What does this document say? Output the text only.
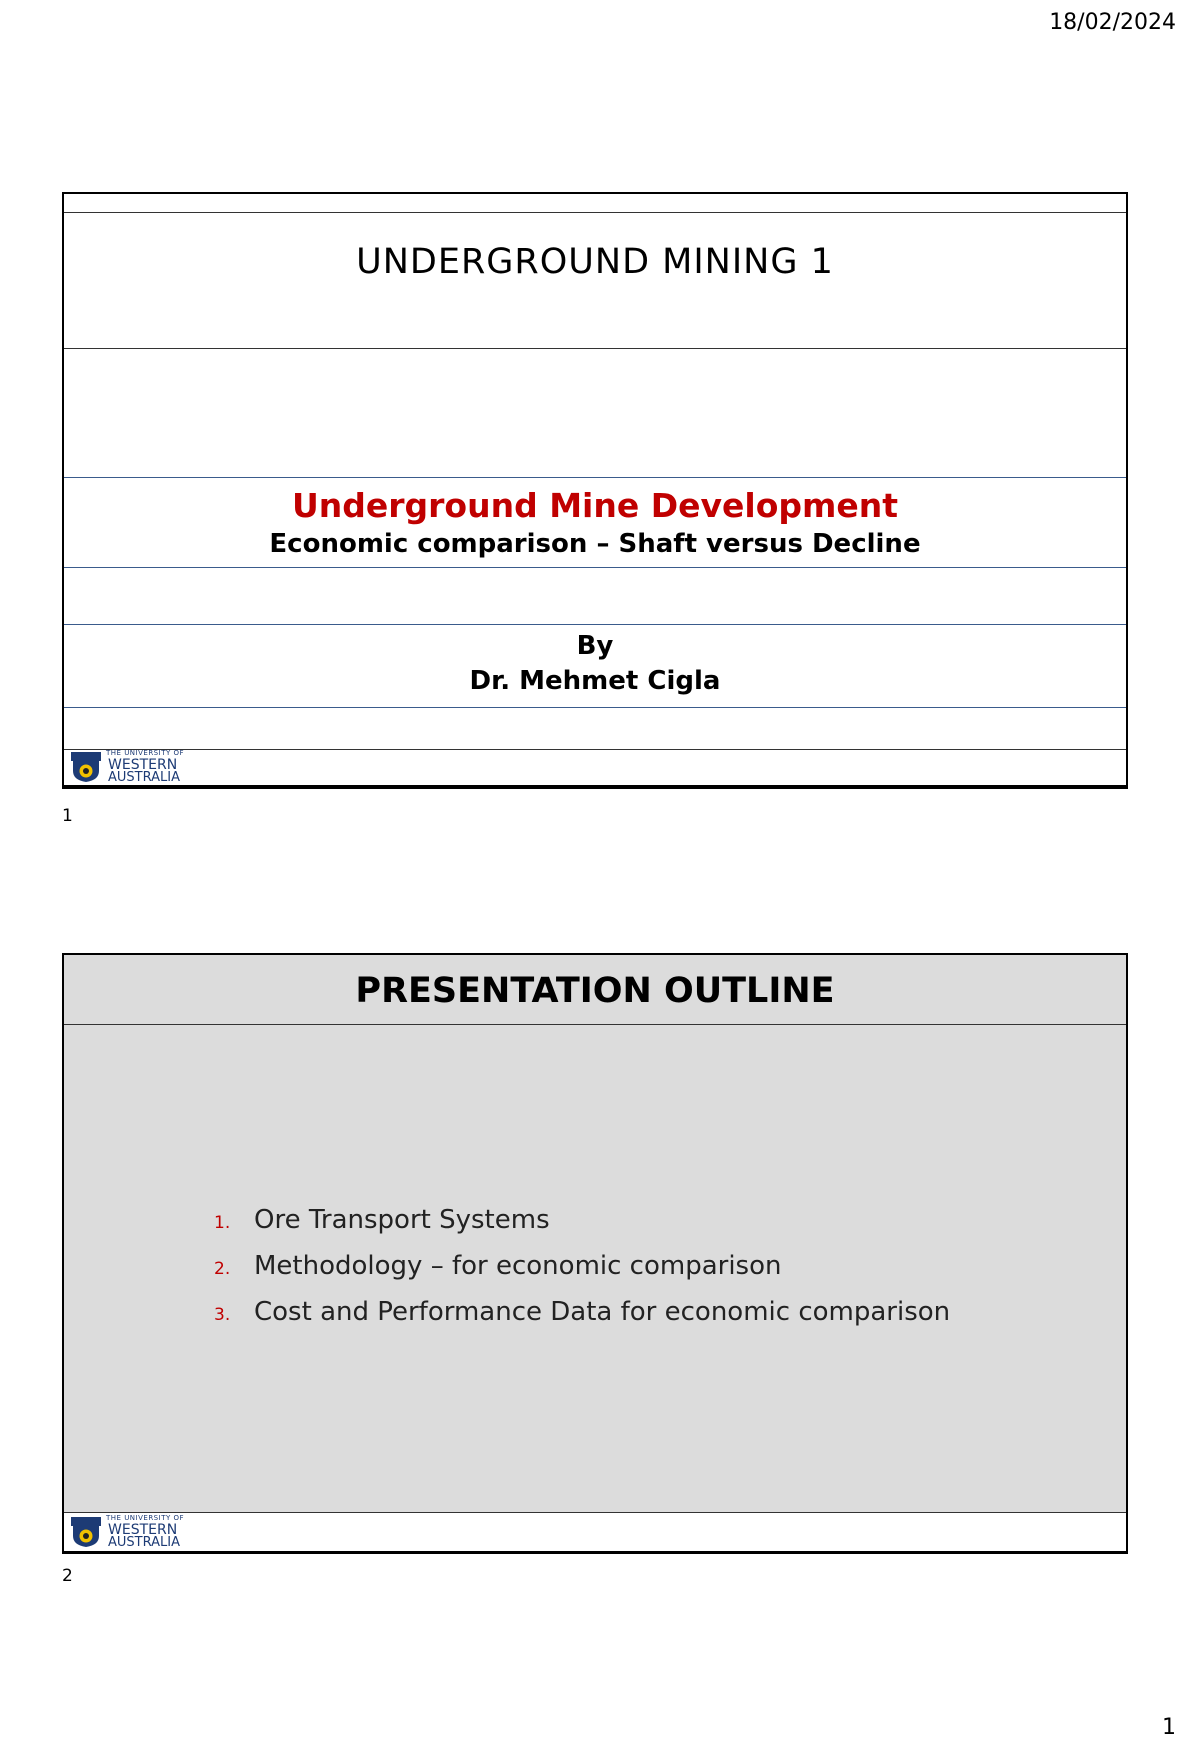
18/02/2024
UNDERGROUND MINING 1
Underground Mine Development
Economic comparison – Shaft versus Decline
By
Dr. Mehmet Cigla
THE UNIVERSITY OF
WESTERN
AUSTRALIA
1
PRESENTATION OUTLINE
1. Ore Transport Systems
2. Methodology – for economic comparison
3. Cost and Performance Data for economic comparison
THE UNIVERSITY OF
WESTERN
AUSTRALIA
2
1
